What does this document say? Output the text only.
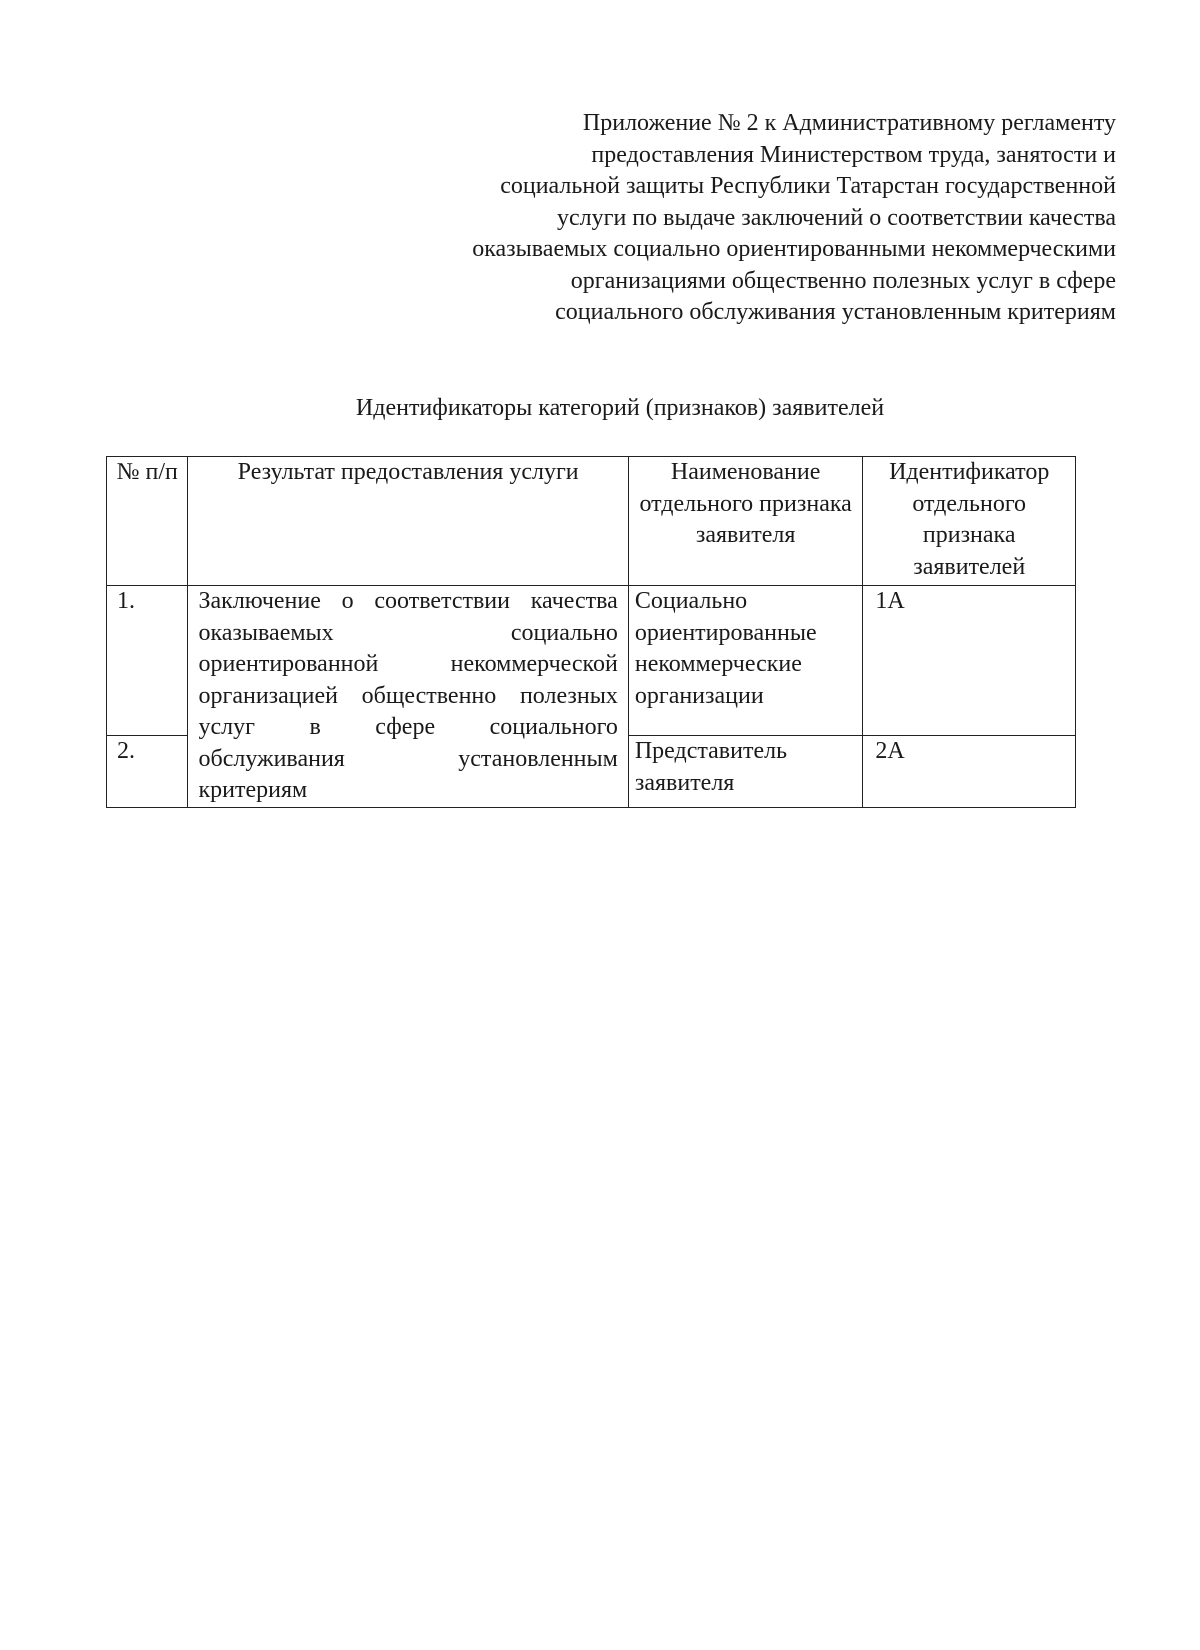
Приложение № 2 к Административному регламенту
предоставления Министерством труда, занятости и
социальной защиты Республики Татарстан государственной
услуги по выдаче заключений о соответствии качества
оказываемых социально ориентированными некоммерческими
организациями общественно полезных услуг в сфере
социального обслуживания установленным критериям
Идентификаторы категорий (признаков) заявителей
№ п/п	Результат предоставления услуги	Наименование отдельного признака заявителя	Идентификатор отдельного признака заявителей
1.	Заключение о соответствии качества оказываемых социально ориентированной некоммерческой организацией общественно полезных услуг в сфере социального обслуживания установленным критериям	Социально ориентированные некоммерческие организации	1А
2.		Представитель заявителя	2А
